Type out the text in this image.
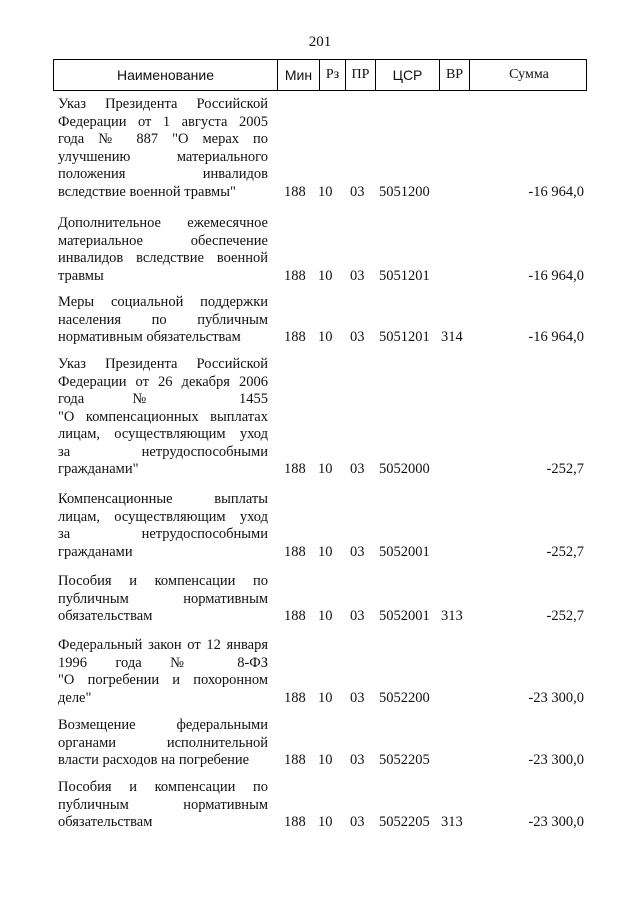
201
Наименование	Мин Рз ПР	ЦСР	ВР	Сумма
Указ Президента Российской
Федерации от 1 августа 2005
года № 887 "О мерах по
улучшению материального
положения инвалидов
вследствие военной травмы"	188 10 03 5051200	-16 964,0
Дополнительное ежемесячное
материальное обеспечение
инвалидов вследствие военной
травмы	188 10 03 5051201	-16 964,0
Меры социальной поддержки
населения по публичным
нормативным обязательствам	188 10 03 5051201 314	-16 964,0
Указ Президента Российской
Федерации от 26 декабря 2006
года № 1455
"О компенсационных выплатах
лицам, осуществляющим уход
за нетрудоспособными
гражданами"	188 10 03 5052000	-252,7
Компенсационные выплаты
лицам, осуществляющим уход
за нетрудоспособными
гражданами	188 10 03 5052001	-252,7
Пособия и компенсации по
публичным нормативным
обязательствам	188 10 03 5052001 313	-252,7
Федеральный закон от 12 января
1996 года № 8-ФЗ
"О погребении и похоронном
деле"	188 10 03 5052200	-23 300,0
Возмещение федеральными
органами исполнительной
власти расходов на погребение	188 10 03 5052205	-23 300,0
Пособия и компенсации по
публичным нормативным
обязательствам	188 10 03 5052205 313	-23 300,0
